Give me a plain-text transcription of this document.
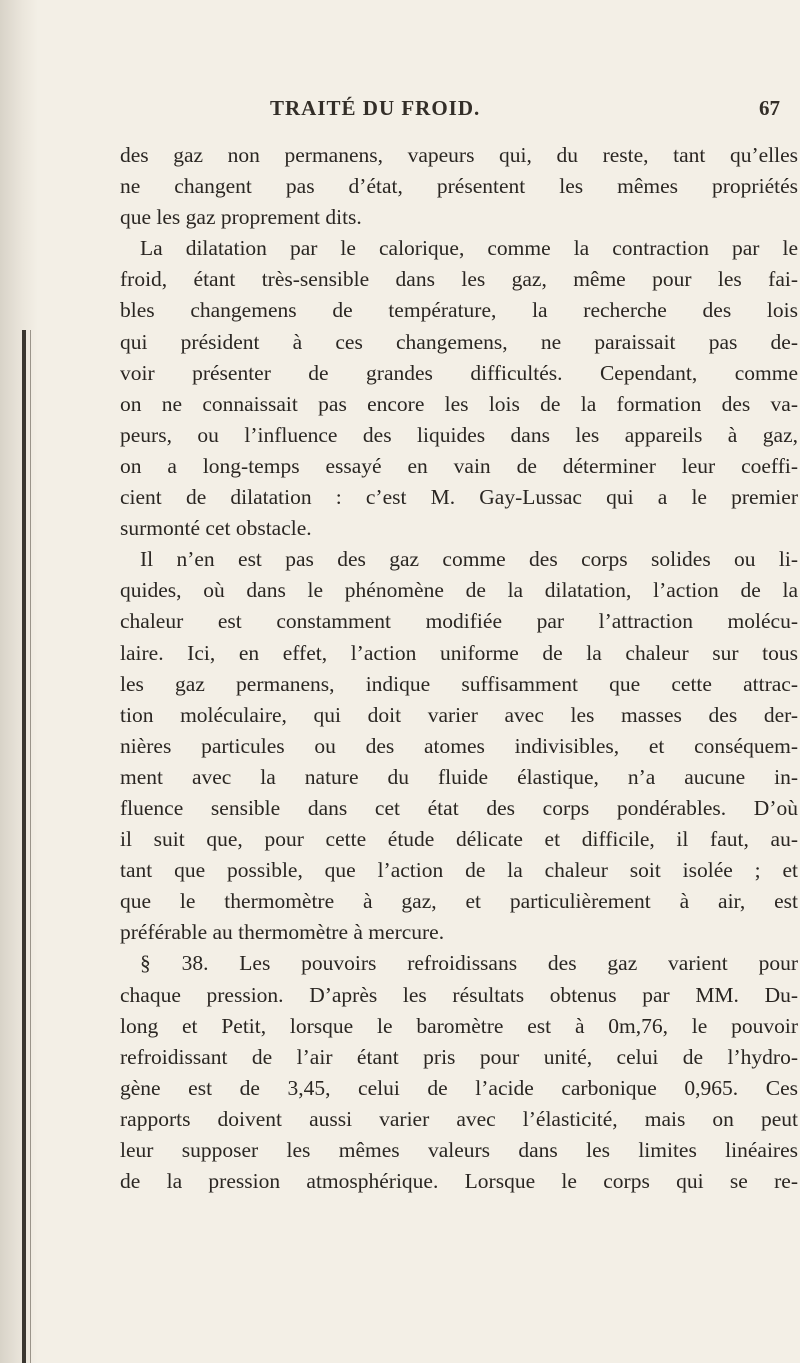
TRAITÉ DU FROID.	67
des gaz non permanens, vapeurs qui, du reste, tant qu’elles
ne changent pas d’état, présentent les mêmes propriétés
que les gaz proprement dits.
La dilatation par le calorique, comme la contraction par le
froid, étant très-sensible dans les gaz, même pour les fai-
bles changemens de température, la recherche des lois
qui président à ces changemens, ne paraissait pas de-
voir présenter de grandes difficultés. Cependant, comme
on ne connaissait pas encore les lois de la formation des va-
peurs, ou l’influence des liquides dans les appareils à gaz,
on a long-temps essayé en vain de déterminer leur coeffi-
cient de dilatation : c’est M. Gay-Lussac qui a le premier
surmonté cet obstacle.
Il n’en est pas des gaz comme des corps solides ou li-
quides, où dans le phénomène de la dilatation, l’action de la
chaleur est constamment modifiée par l’attraction molécu-
laire. Ici, en effet, l’action uniforme de la chaleur sur tous
les gaz permanens, indique suffisamment que cette attrac-
tion moléculaire, qui doit varier avec les masses des der-
nières particules ou des atomes indivisibles, et conséquem-
ment avec la nature du fluide élastique, n’a aucune in-
fluence sensible dans cet état des corps pondérables. D’où
il suit que, pour cette étude délicate et difficile, il faut, au-
tant que possible, que l’action de la chaleur soit isolée ; et
que le thermomètre à gaz, et particulièrement à air, est
préférable au thermomètre à mercure.
§ 38. Les pouvoirs refroidissans des gaz varient pour
chaque pression. D’après les résultats obtenus par MM. Du-
long et Petit, lorsque le baromètre est à 0m,76, le pouvoir
refroidissant de l’air étant pris pour unité, celui de l’hydro-
gène est de 3,45, celui de l’acide carbonique 0,965. Ces
rapports doivent aussi varier avec l’élasticité, mais on peut
leur supposer les mêmes valeurs dans les limites linéaires
de la pression atmosphérique. Lorsque le corps qui se re-
